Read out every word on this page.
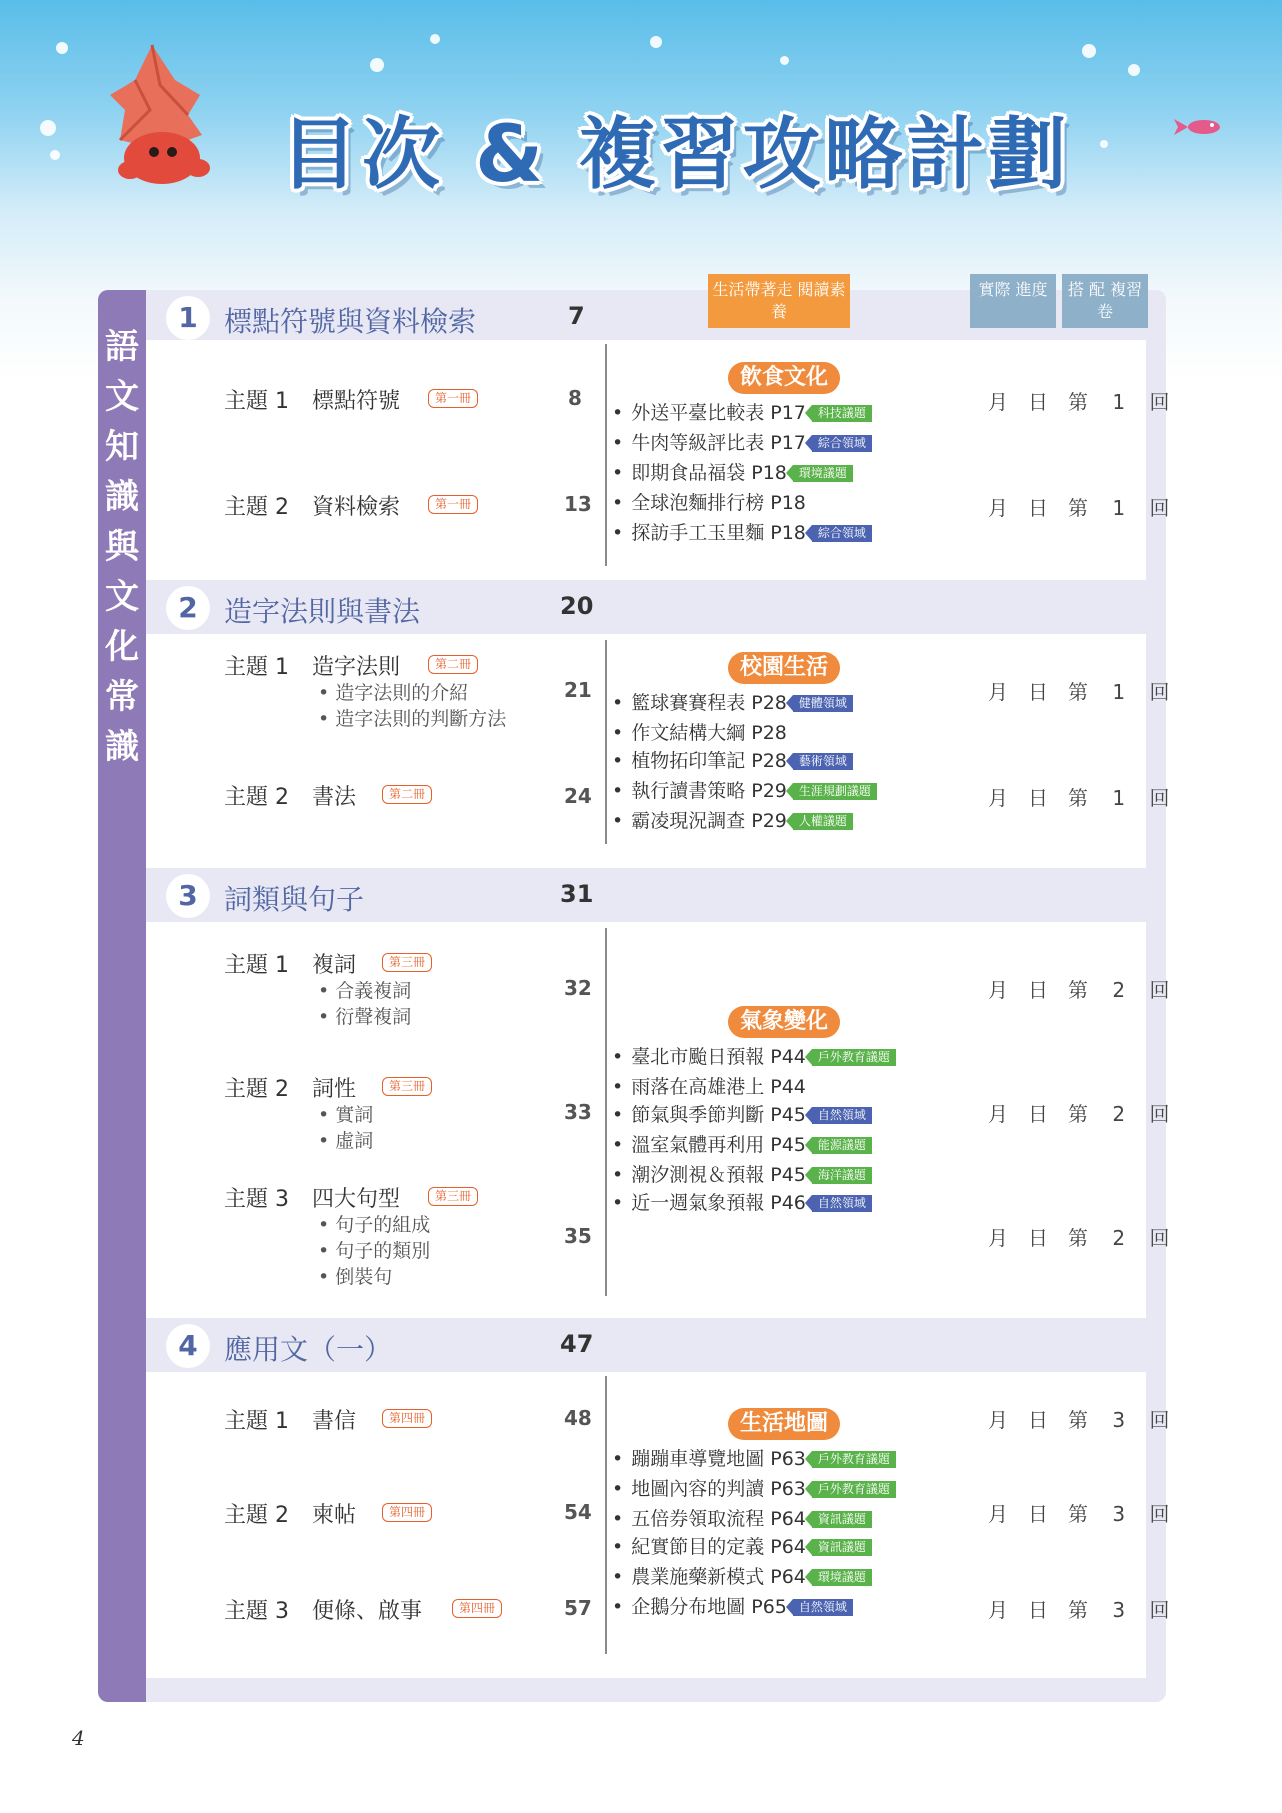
目次 & 複習攻略計劃
語
文
知
識
與
文
化
常
識
生活帶著走 閱讀素養
實際 進度	搭 配 複習卷
1 標點符號與資料檢索	7
主題 1 標點符號	第一冊	8	月　日　第 1 回
主題 2 資料檢索	第一冊	13	月　日　第 1 回
飲食文化
• 外送平臺比較表 P17 科技議題
• 牛肉等級評比表 P17 綜合領域
• 即期食品福袋 P18 環境議題
• 全球泡麵排行榜 P18
• 探訪手工玉里麵 P18 綜合領域
2 造字法則與書法	20
主題 1 造字法則	第二冊
• 造字法則的介紹
• 造字法則的判斷方法
21	月　日　第 1 回
主題 2 書法	第二冊	24	月　日　第 1 回
校園生活
• 籃球賽賽程表 P28 健體領域
• 作文結構大綱 P28
• 植物拓印筆記 P28 藝術領域
• 執行讀書策略 P29 生涯規劃議題
• 霸凌現況調查 P29 人權議題
3 詞類與句子	31
主題 1 複詞	第三冊
• 合義複詞
• 衍聲複詞
32	月　日　第 2 回
主題 2 詞性	第三冊
• 實詞
• 虛詞
33	月　日　第 2 回
主題 3 四大句型	第三冊
• 句子的組成
• 句子的類別
• 倒裝句
35	月　日　第 2 回
氣象變化
• 臺北市颱日預報 P44 戶外教育議題
• 雨落在高雄港上 P44
• 節氣與季節判斷 P45 自然領域
• 溫室氣體再利用 P45 能源議題
• 潮汐測視＆預報 P45 海洋議題
• 近一週氣象預報 P46 自然領域
4 應用文（一）	47
主題 1 書信	第四冊	48	月　日　第 3 回
主題 2 柬帖	第四冊	54	月　日　第 3 回
主題 3 便條、啟事	第四冊	57	月　日　第 3 回
生活地圖
• 蹦蹦車導覽地圖 P63 戶外教育議題
• 地圖內容的判讀 P63 戶外教育議題
• 五倍券領取流程 P64 資訊議題
• 紀實節目的定義 P64 資訊議題
• 農業施藥新模式 P64 環境議題
• 企鵝分布地圖 P65 自然領域
4
